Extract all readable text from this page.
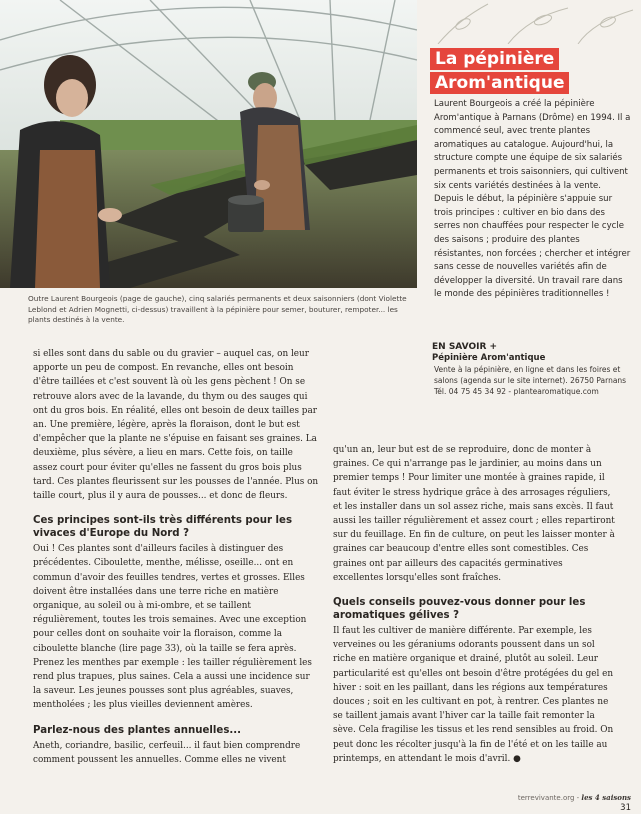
Outre Laurent Bourgeois (page de gauche), cinq salariés permanents et deux saisonniers (dont Violette Leblond et Adrien Mognetti, ci-dessus) travaillent à la pépinière pour semer, bouturer, rempoter... les plants destinés à la vente.
La pépinière
Arom'antique

Laurent Bourgeois a créé la pépinière Arom'antique à Parnans (Drôme) en 1994. Il a commencé seul, avec trente plantes aromatiques au catalogue. Aujourd'hui, la structure compte une équipe de six salariés permanents et trois saisonniers, qui cultivent six cents variétés destinées à la vente. Depuis le début, la pépinière s'appuie sur trois principes : cultiver en bio dans des serres non chauffées pour respecter le cycle des saisons ; produire des plantes résistantes, non forcées ; chercher et intégrer sans cesse de nouvelles variétés afin de développer la diversité. Un travail rare dans le monde des pépinières traditionnelles !

EN SAVOIR +
Pépinière Arom'antique
Vente à la pépinière, en ligne et dans les foires et salons (agenda sur le site internet). 26750 Parnans
Tél. 04 75 45 34 92 - plantearomatique.com

si elles sont dans du sable ou du gravier – auquel cas, on leur apporte un peu de compost. En revanche, elles ont besoin d'être taillées et c'est souvent là où les gens pèchent ! On se retrouve alors avec de la lavande, du thym ou des sauges qui ont du gros bois. En réalité, elles ont besoin de deux tailles par an. Une première, légère, après la floraison, dont le but est d'empêcher que la plante ne s'épuise en faisant ses graines. La deuxième, plus sévère, a lieu en mars. Cette fois, on taille assez court pour éviter qu'elles ne fassent du gros bois plus tard. Ces plantes fleurissent sur les pousses de l'année. Plus on taille court, plus il y aura de pousses... et donc de fleurs.

Ces principes sont-ils très différents pour les vivaces d'Europe du Nord ?

Oui ! Ces plantes sont d'ailleurs faciles à distinguer des précédentes. Ciboulette, menthe, mélisse, oseille... ont en commun d'avoir des feuilles tendres, vertes et grosses. Elles doivent être installées dans une terre riche en matière organique, au soleil ou à mi-ombre, et se taillent régulièrement, toutes les trois semaines. Avec une exception pour celles dont on souhaite voir la floraison, comme la ciboulette blanche (lire page 33), où la taille se fera après. Prenez les menthes par exemple : les tailler régulièrement les rend plus trapues, plus saines. Cela a aussi une incidence sur la saveur. Les jeunes pousses sont plus agréables, suaves, mentholées ; les plus vieilles deviennent amères.

Parlez-nous des plantes annuelles...

Aneth, coriandre, basilic, cerfeuil... il faut bien comprendre comment poussent les annuelles. Comme elles ne vivent

qu'un an, leur but est de se reproduire, donc de monter à graines. Ce qui n'arrange pas le jardinier, au moins dans un premier temps ! Pour limiter une montée à graines rapide, il faut éviter le stress hydrique grâce à des arrosages réguliers, et les installer dans un sol assez riche, mais sans excès. Il faut aussi les tailler régulièrement et assez court ; elles repartiront sur du feuillage. En fin de culture, on peut les laisser monter à graines car beaucoup d'entre elles sont comestibles. Ces graines ont par ailleurs des capacités germinatives excellentes lorsqu'elles sont fraîches.

Quels conseils pouvez-vous donner pour les aromatiques gélives ?

Il faut les cultiver de manière différente. Par exemple, les verveines ou les géraniums odorants poussent dans un sol riche en matière organique et drainé, plutôt au soleil. Leur particularité est qu'elles ont besoin d'être protégées du gel en hiver : soit en les paillant, dans les régions aux températures douces ; soit en les cultivant en pot, à rentrer. Ces plantes ne se taillent jamais avant l'hiver car la taille fait remonter la sève. Cela fragilise les tissus et les rend sensibles au froid. On peut donc les récolter jusqu'à la fin de l'été et on les taille au printemps, en attendant le mois d'avril. ●

terrevivante.org - les 4 saisons 31
